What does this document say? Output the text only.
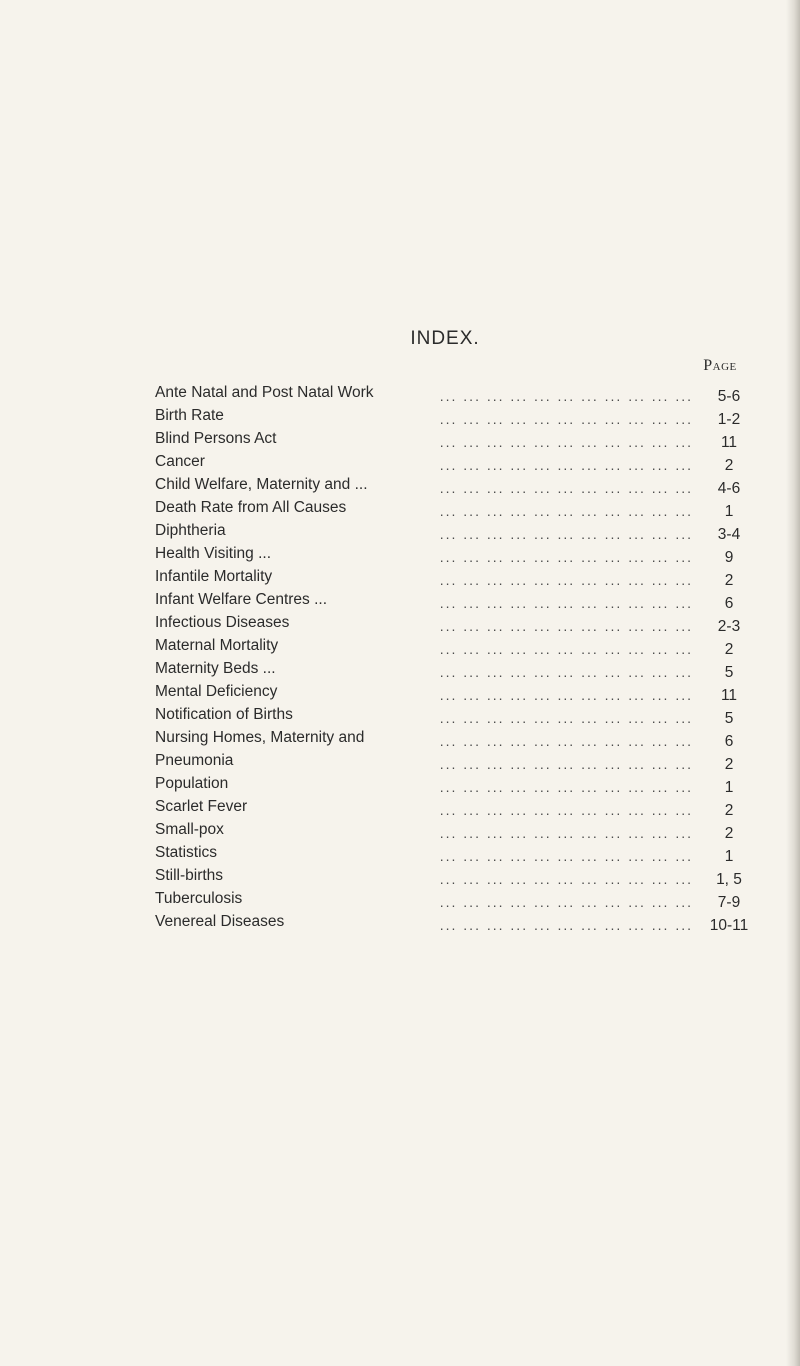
INDEX.
Page
... ... ... ... ... ... ... ... ... ... ...
Ante Natal and Post Natal Work	5-6
... ... ... ... ... ... ... ... ... ... ...
Birth Rate	1-2
... ... ... ... ... ... ... ... ... ... ...
Blind Persons Act	11
... ... ... ... ... ... ... ... ... ... ...
Cancer	2
... ... ... ... ... ... ... ... ... ... ...
Child Welfare, Maternity and ...	4-6
... ... ... ... ... ... ... ... ... ... ...
Death Rate from All Causes	1
... ... ... ... ... ... ... ... ... ... ...
Diphtheria	3-4
... ... ... ... ... ... ... ... ... ... ...
Health Visiting ...	9
... ... ... ... ... ... ... ... ... ... ...
Infantile Mortality	2
... ... ... ... ... ... ... ... ... ... ...
Infant Welfare Centres ...	6
... ... ... ... ... ... ... ... ... ... ...
Infectious Diseases	2-3
... ... ... ... ... ... ... ... ... ... ...
Maternal Mortality	2
... ... ... ... ... ... ... ... ... ... ...
Maternity Beds ...	5
... ... ... ... ... ... ... ... ... ... ...
Mental Deficiency	11
... ... ... ... ... ... ... ... ... ... ...
Notification of Births	5
... ... ... ... ... ... ... ... ... ... ...
Nursing Homes, Maternity and	6
... ... ... ... ... ... ... ... ... ... ...
Pneumonia	2
... ... ... ... ... ... ... ... ... ... ...
Population	1
... ... ... ... ... ... ... ... ... ... ...
Scarlet Fever	2
... ... ... ... ... ... ... ... ... ... ...
Small-pox	2
... ... ... ... ... ... ... ... ... ... ...
Statistics	1
... ... ... ... ... ... ... ... ... ... ...
Still-births	1, 5
... ... ... ... ... ... ... ... ... ... ...
Tuberculosis	7-9
... ... ... ... ... ... ... ... ... ... ...
Venereal Diseases	10-11
